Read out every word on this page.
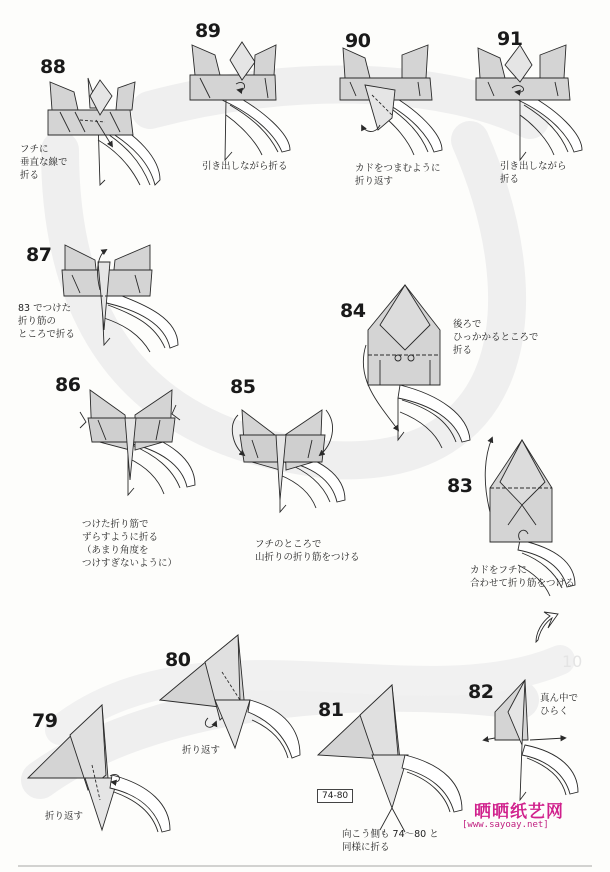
88
89	90	91
87
84
86	85
83
80
81
82
79
フチに
垂直な線で
折る
引き出しながら折る	カドをつまむように
折り返す
引き出しながら
折る
83 でつけた
折り筋の
ところで折る
後ろで
ひっかかるところで
折る
つけた折り筋で
ずらすように折る
（あまり角度を
つけすぎないように）
フチのところで
山折りの折り筋をつける
カドをフチに
合わせて折り筋をつける
折り返す
向こう側も 74～80 と
同様に折る
真ん中で
ひらく
折り返す
74-80
10
晒晒纸艺网
[www.sayoay.net]
